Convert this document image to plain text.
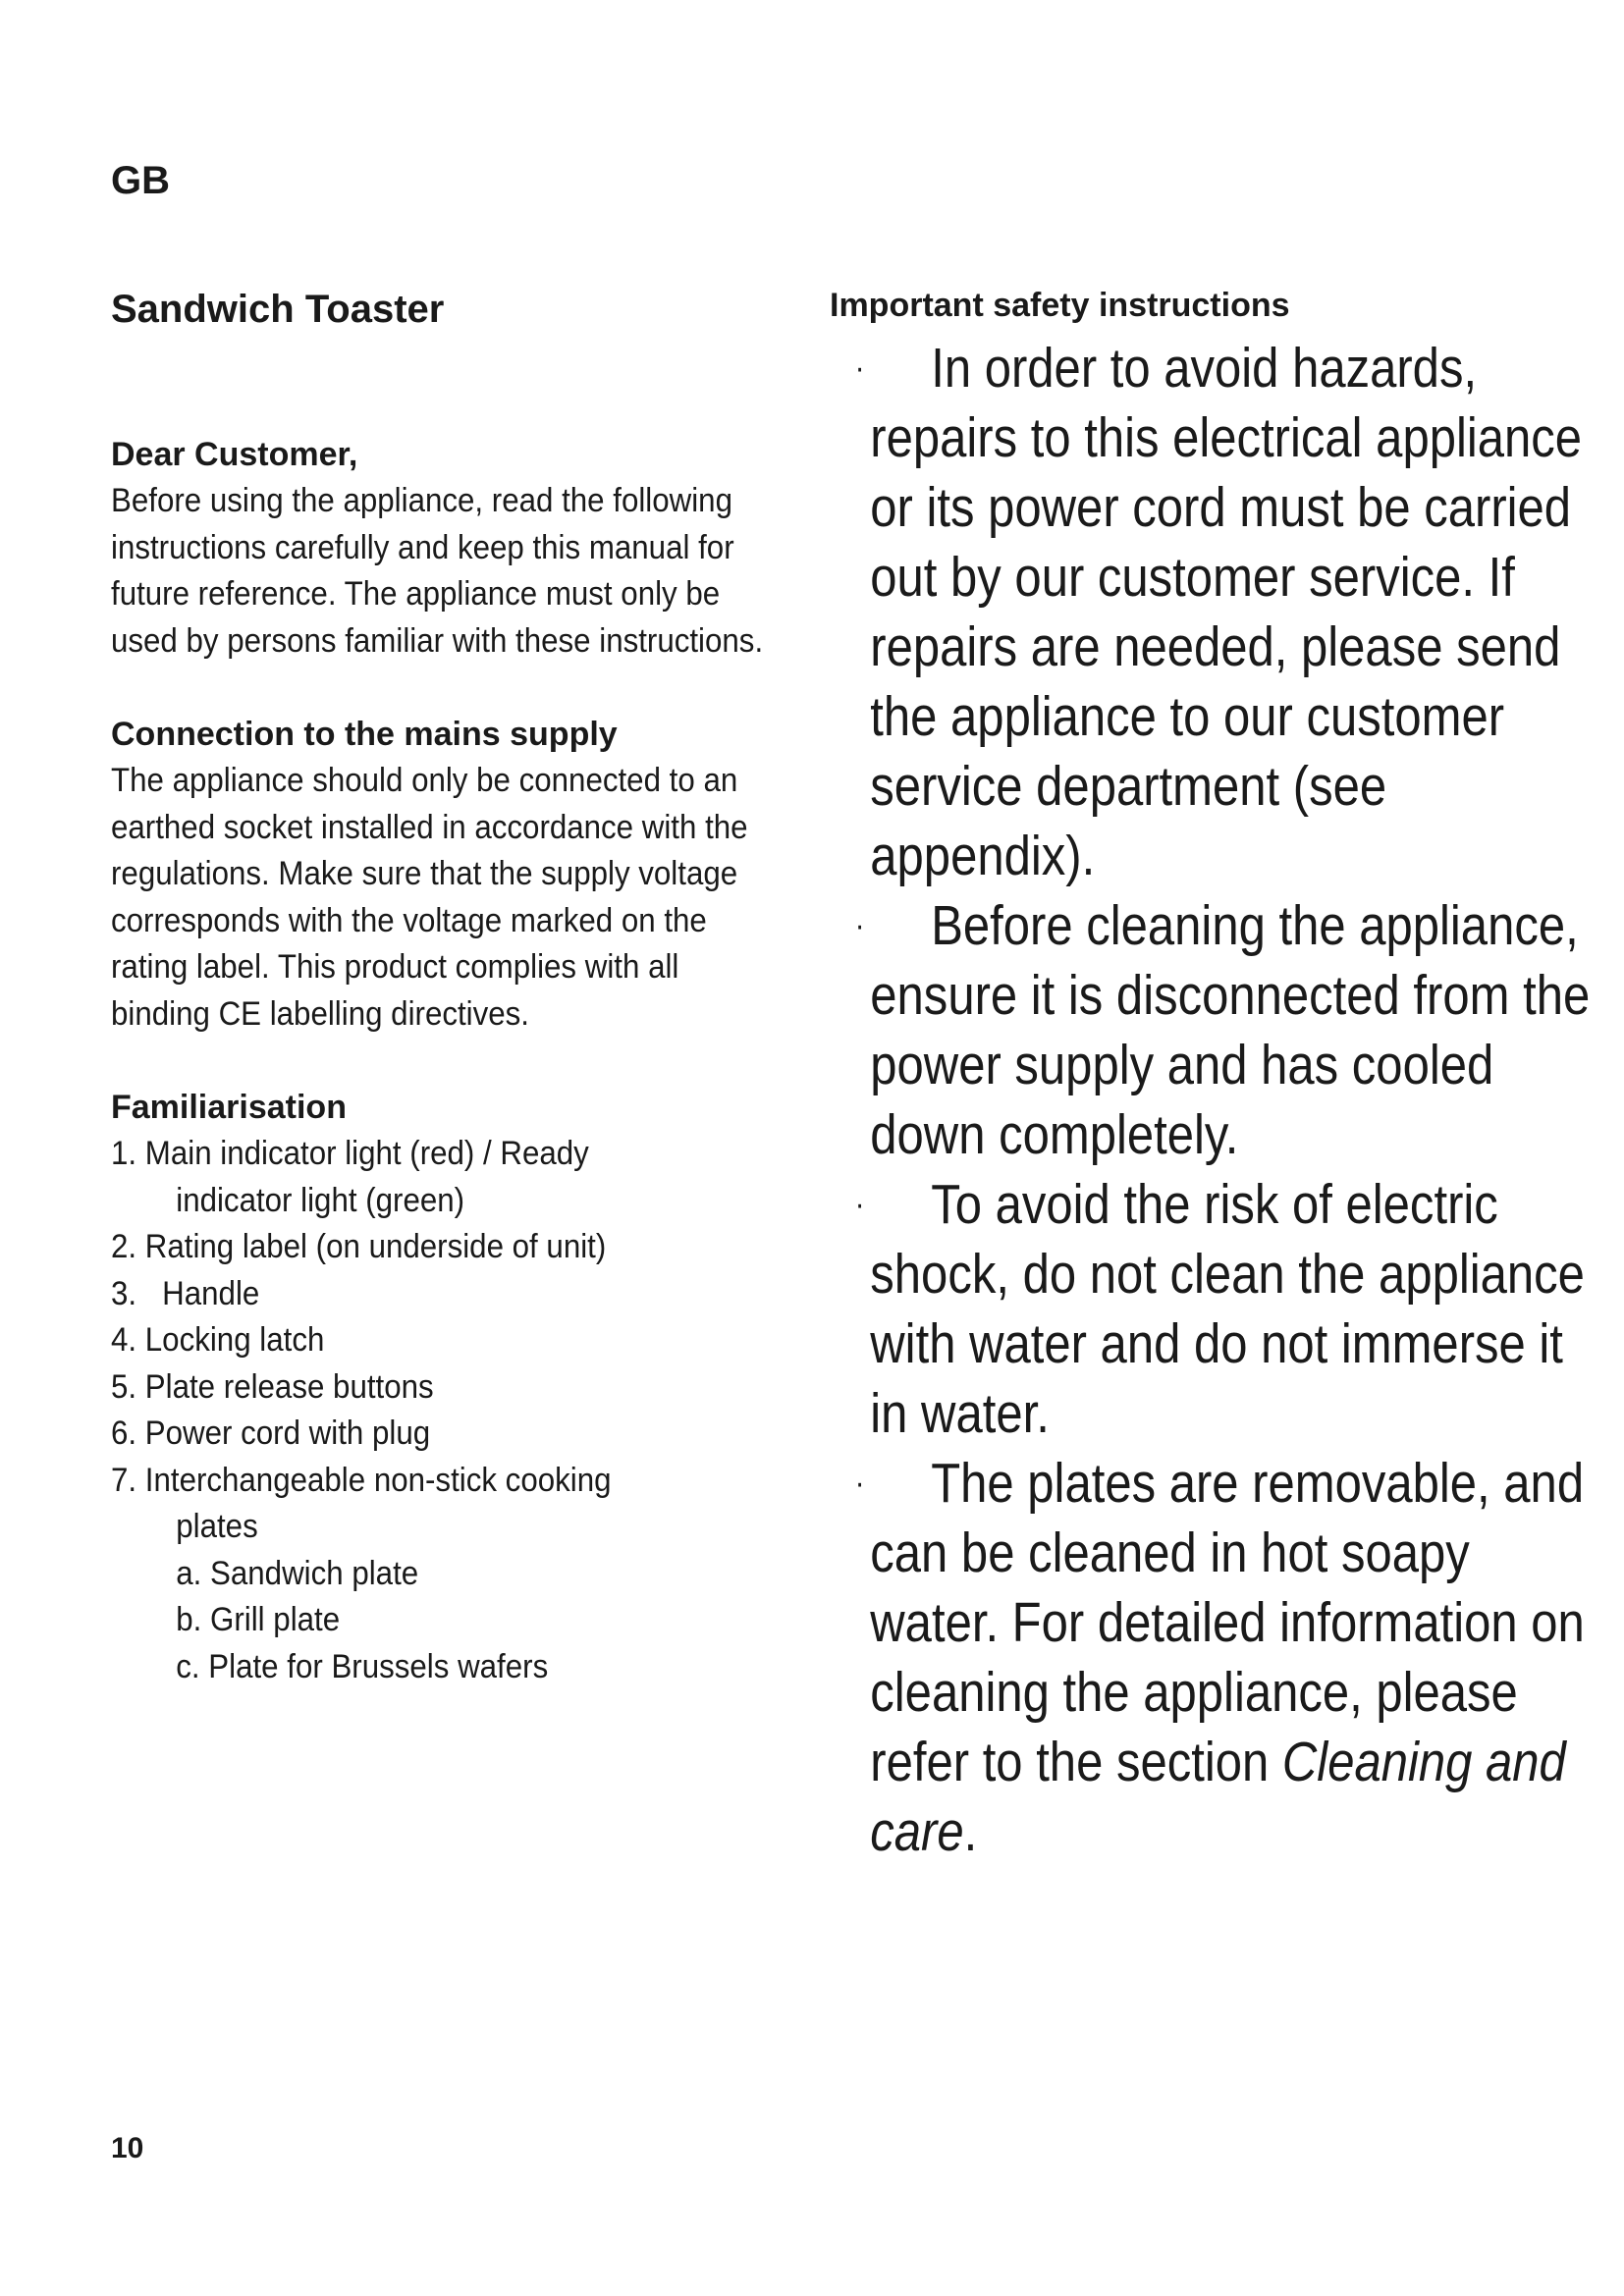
GB
Sandwich Toaster
Dear Customer,

Before using the appliance, read the following instructions carefully and keep this manual for future reference. The appliance must only be used by persons familiar with these instructions.

Connection to the mains supply

The appliance should only be connected to an earthed socket installed in accordance with the regulations. Make sure that the supply voltage corresponds with the voltage marked on the rating label. This product complies with all binding CE labelling directives.

Familiarisation
1. Main indicator light (red) / Ready
indicator light (green)
2. Rating label (on underside of unit)
3. Handle
4. Locking latch
5. Plate release buttons
6. Power cord with plug
7. Interchangeable non-stick cooking
plates
a. Sandwich plate
b. Grill plate
c. Plate for Brussels wafers
Important safety instructions
· In order to avoid hazards, repairs to this electrical appliance or its power cord must be carried out by our customer service. If repairs are needed, please send the appliance to our customer service department (see appendix).
· Before cleaning the appliance, ensure it is disconnected from the power supply and has cooled down completely.
· To avoid the risk of electric shock, do not clean the appliance with water and do not immerse it in water.
· The plates are removable, and can be cleaned in hot soapy water. For detailed information on cleaning the appliance, please refer to the section Cleaning and care.
10
